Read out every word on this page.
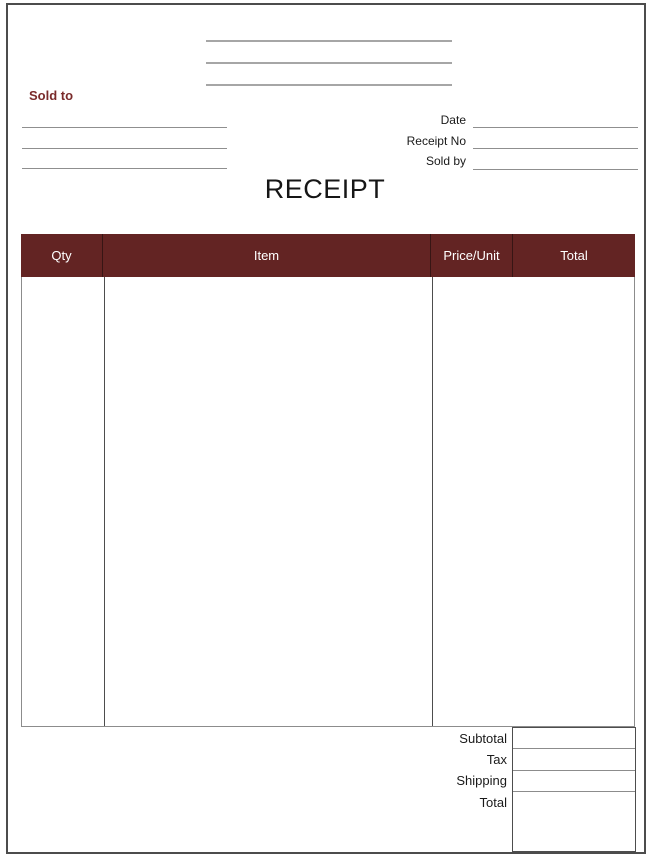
Sold to
Date
Receipt No
Sold by
RECEIPT
Qty	Item	Price/Unit	Total
Subtotal
Tax
Shipping
Total
